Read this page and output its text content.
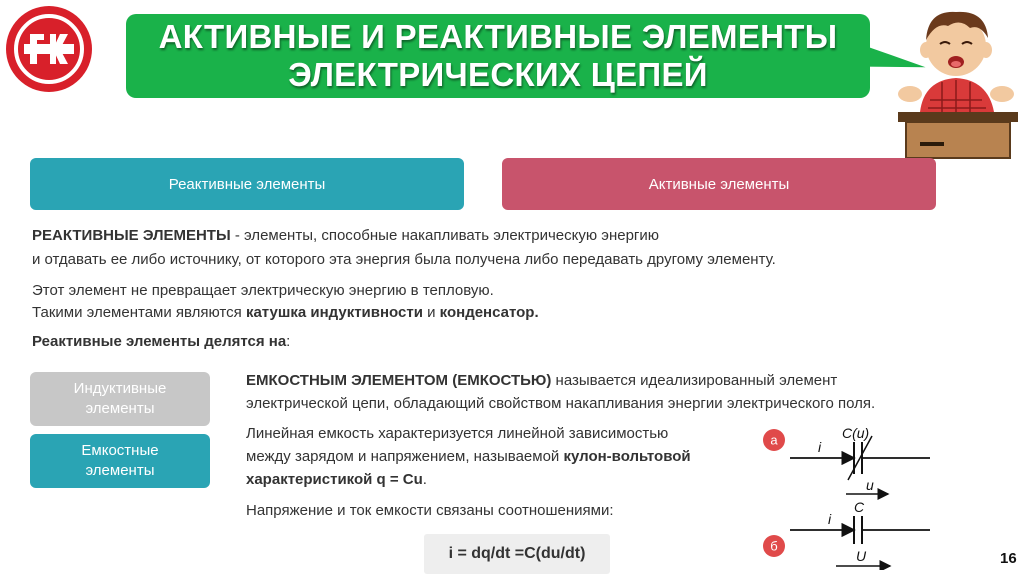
АКТИВНЫЕ И РЕАКТИВНЫЕ ЭЛЕМЕНТЫ
ЭЛЕКТРИЧЕСКИХ ЦЕПЕЙ
Реактивные элементы	Активные элементы
РЕАКТИВНЫЕ ЭЛЕМЕНТЫ - элементы, способные накапливать электрическую энергию
и отдавать ее либо источнику, от которого эта энергия была получена либо передавать другому элементу.
Этот элемент не превращает электрическую энергию в тепловую.
Такими элементами являются катушка индуктивности и конденсатор.
Реактивные элементы делятся на:
Индуктивные
элементы
Емкостные
элементы
ЕМКОСТНЫМ ЭЛЕМЕНТОМ (ЕМКОСТЬЮ) называется идеализированный элемент
электрической цепи, обладающий свойством накапливания энергии электрического поля.
Линейная емкость характеризуется линейной зависимостью
между зарядом и напряжением, называемой кулон-вольтовой
характеристикой q = Cu.
Напряжение и ток емкости связаны соотношениями:
i = dq/dt =C(du/dt)
а	i
C(u)
u
б
i
C
U	16
